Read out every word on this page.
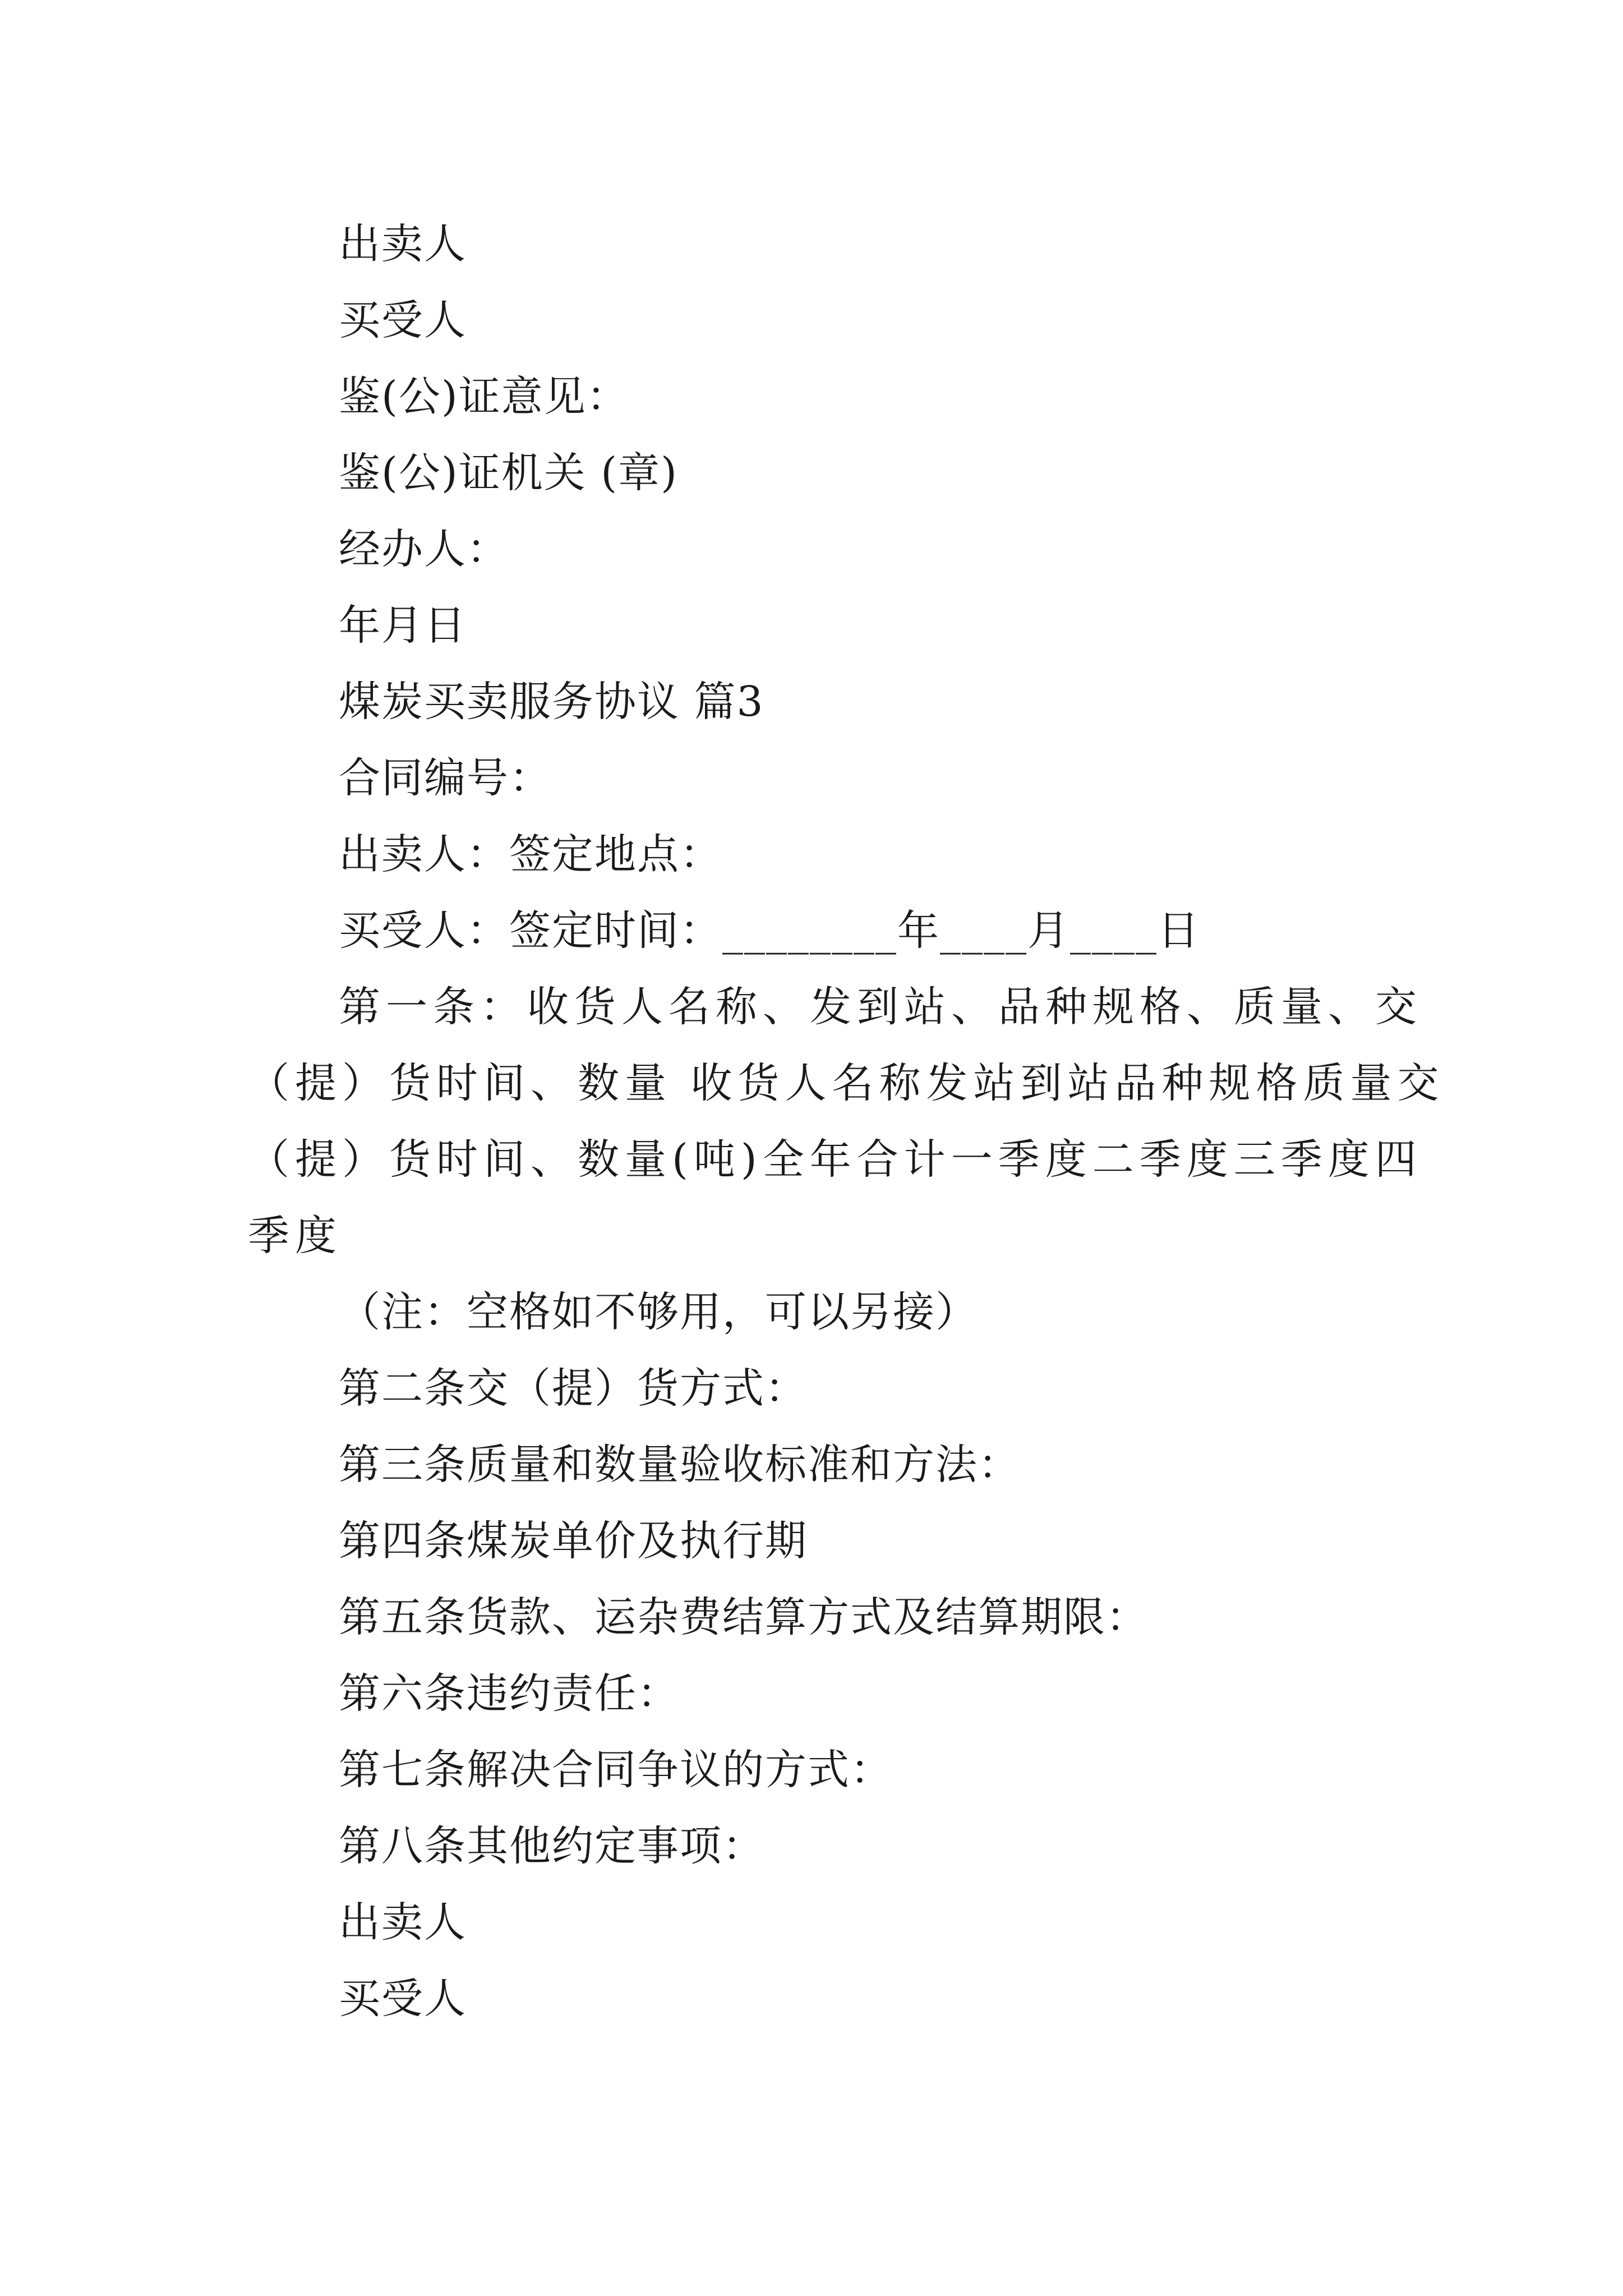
出卖人
买受人
鉴(公)证意见：
鉴(公)证机关 (章)
经办人：
年月日
煤炭买卖服务协议 篇3
合同编号：
出卖人：签定地点：
买受人：签定时间：________年____月____日
第一条：收货人名称、发到站、品种规格、质量、交
（提）货时间、数量 收货人名称发站到站品种规格质量交
（提）货时间、数量(吨)全年合计一季度二季度三季度四
季度
（注：空格如不够用，可以另接）
第二条交（提）货方式：
第三条质量和数量验收标准和方法：
第四条煤炭单价及执行期
第五条货款、运杂费结算方式及结算期限：
第六条违约责任：
第七条解决合同争议的方式：
第八条其他约定事项：
出卖人
买受人
